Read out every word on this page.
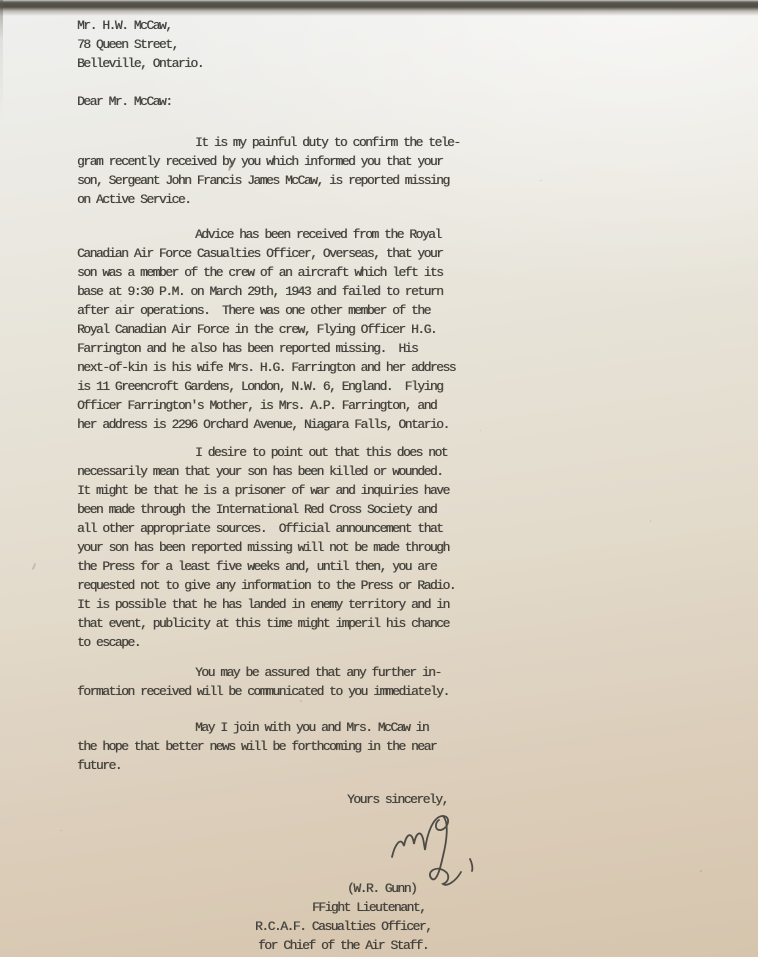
Mr. H.W. McCaw,
78 Queen Street,
Belleville, Ontario.
Dear Mr. McCaw:
It is my painful duty to confirm the tele-
gram recently received by you which informed you that your
son, Sergeant John Francis James McCaw, is reported missing
on Active Service.
Advice has been received from the Royal
Canadian Air Force Casualties Officer, Overseas, that your
son was a member of the crew of an aircraft which left its
base at 9:30 P.M. on March 29th, 1943 and failed to return
after air operations.  There was one other member of the
Royal Canadian Air Force in the crew, Flying Officer H.G.
Farrington and he also has been reported missing.  His
next-of-kin is his wife Mrs. H.G. Farrington and her address
is 11 Greencroft Gardens, London, N.W. 6, England.  Flying
Officer Farrington's Mother, is Mrs. A.P. Farrington, and
her address is 2296 Orchard Avenue, Niagara Falls, Ontario.
I desire to point out that this does not
necessarily mean that your son has been killed or wounded.
It might be that he is a prisoner of war and inquiries have
been made through the International Red Cross Society and
all other appropriate sources.  Official announcement that
your son has been reported missing will not be made through
the Press for a least five weeks and, until then, you are
requested not to give any information to the Press or Radio.
It is possible that he has landed in enemy territory and in
that event, publicity at this time might imperil his chance
to escape.
You may be assured that any further in-
formation received will be communicated to you immediately.
May I join with you and Mrs. McCaw in
the hope that better news will be forthcoming in the near
future.
Yours sincerely,
(W.R. Gunn)
FFight Lieutenant,
R.C.A.F. Casualties Officer,
for Chief of the Air Staff.
